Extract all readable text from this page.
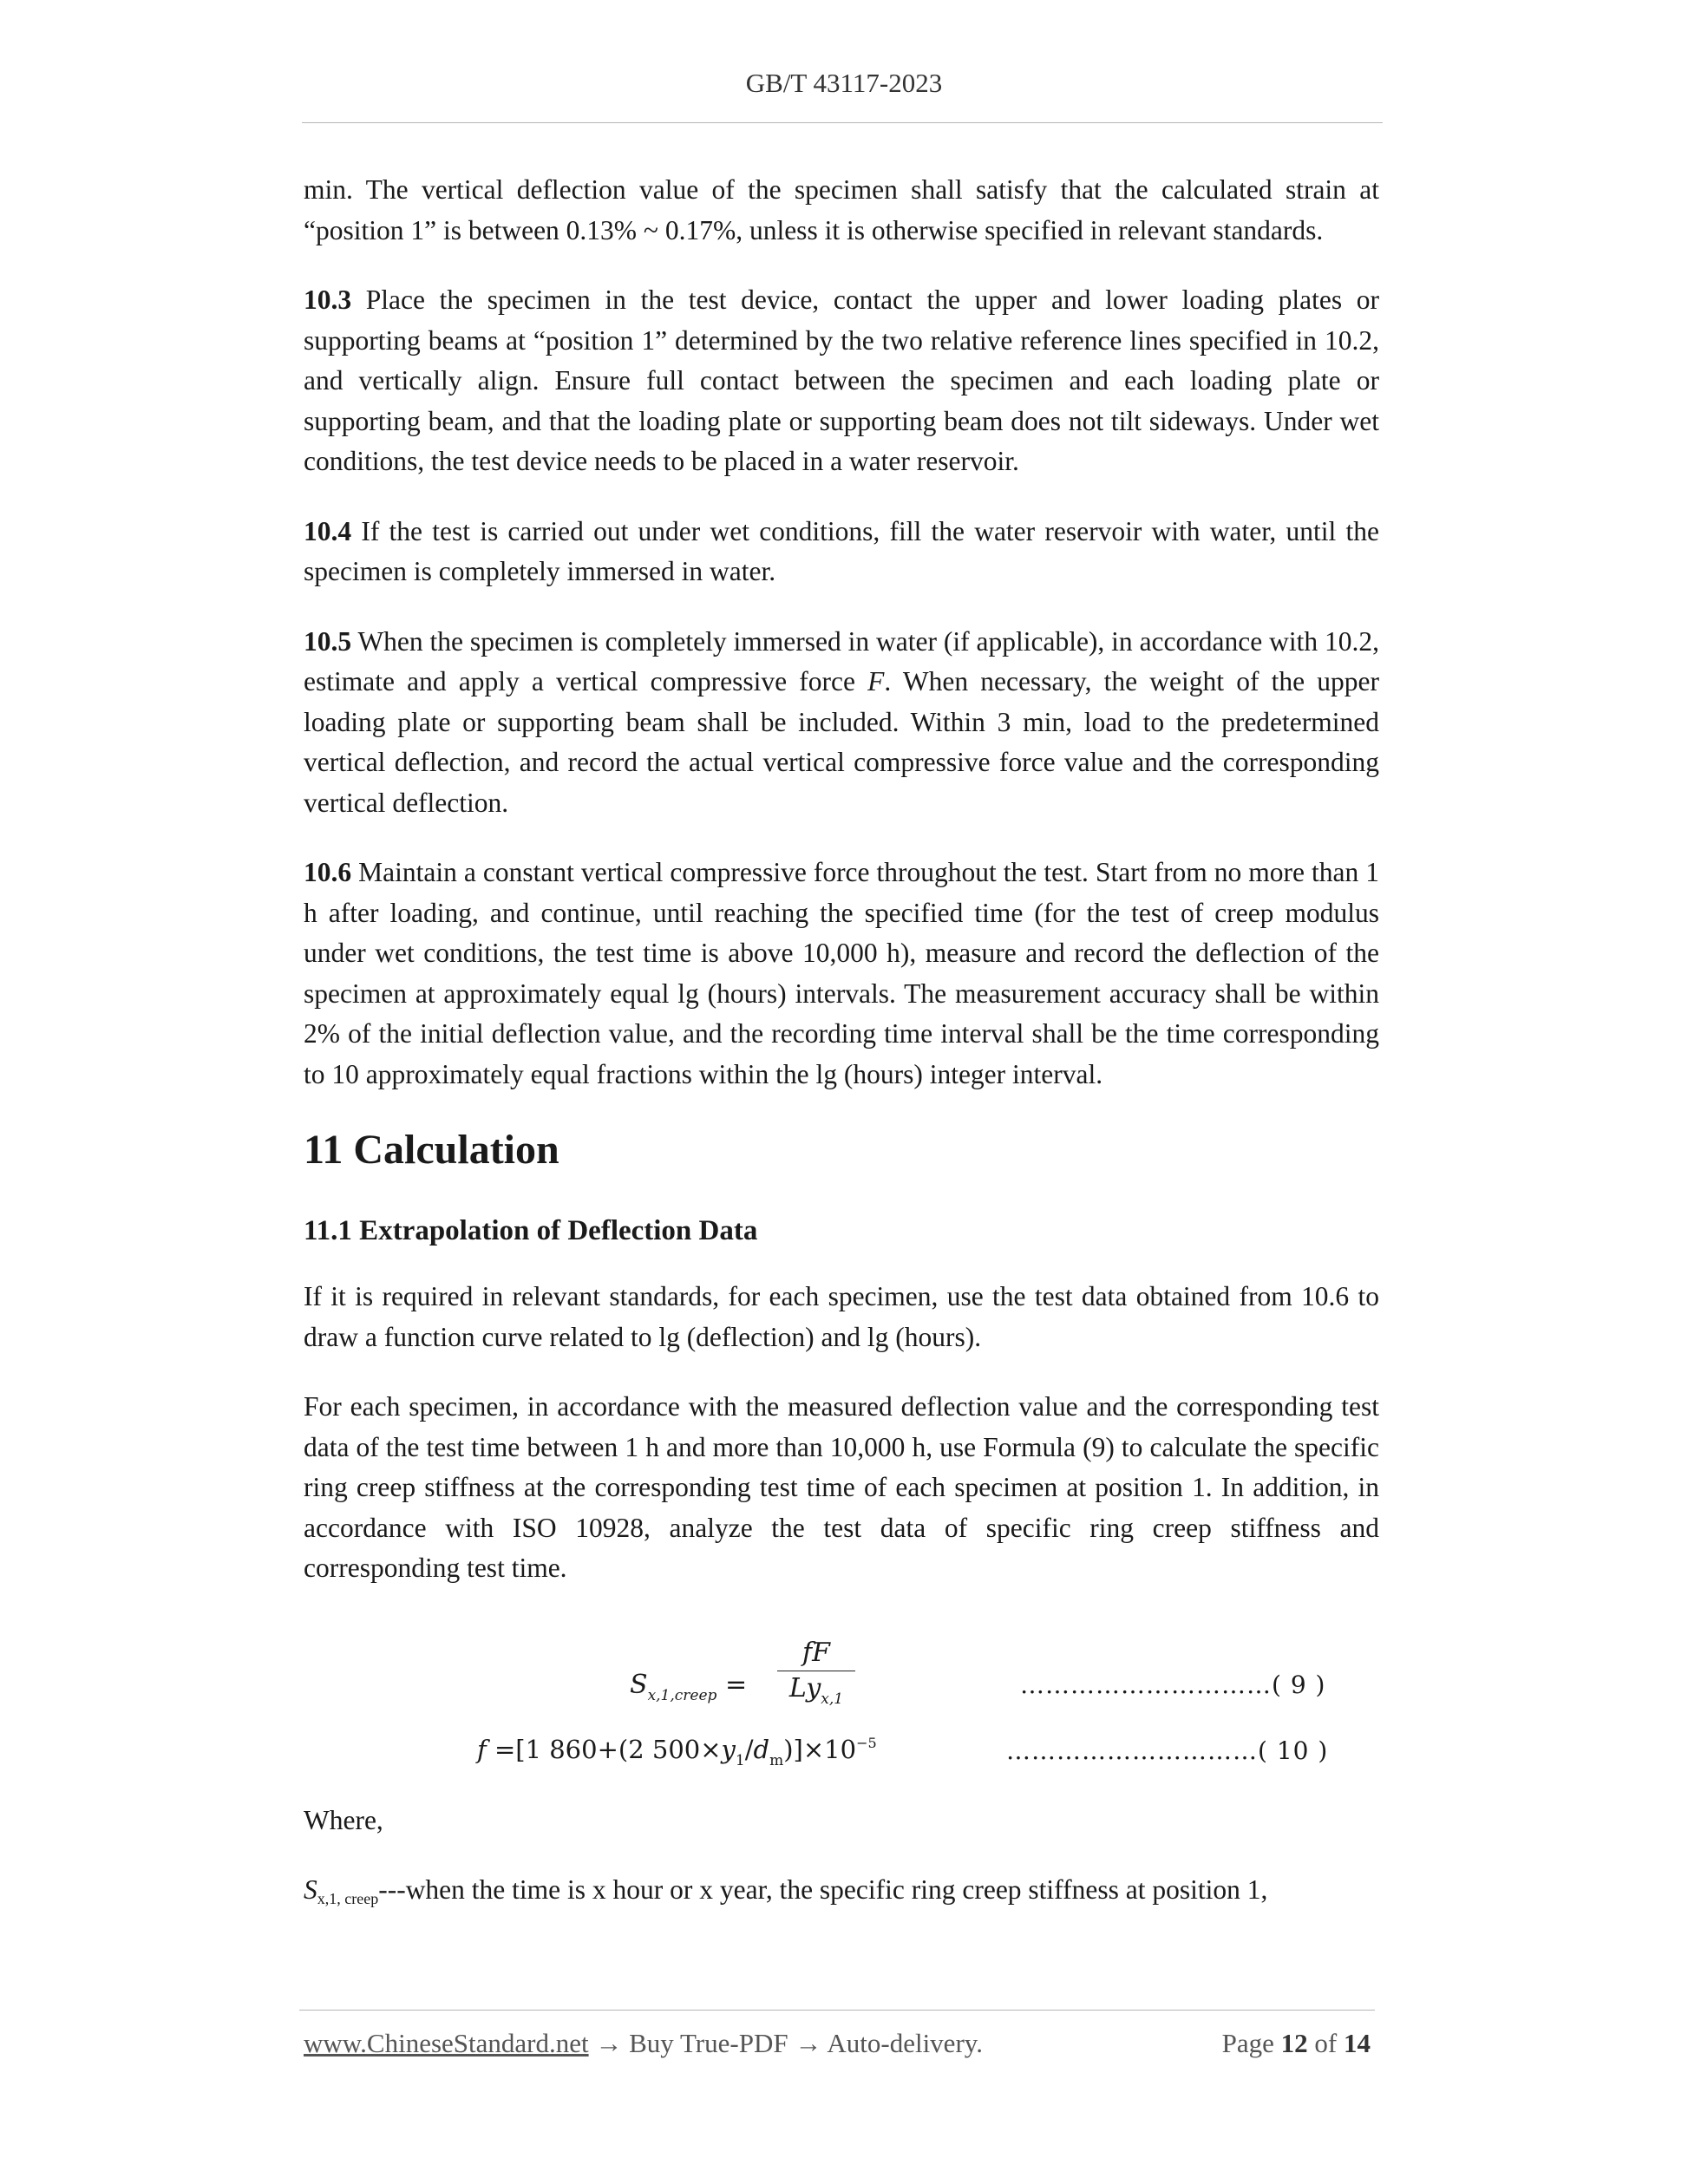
GB/T 43117-2023

min. The vertical deflection value of the specimen shall satisfy that the calculated strain at “position 1” is between 0.13% ~ 0.17%, unless it is otherwise specified in relevant standards.

10.3 Place the specimen in the test device, contact the upper and lower loading plates or supporting beams at “position 1” determined by the two relative reference lines specified in 10.2, and vertically align. Ensure full contact between the specimen and each loading plate or supporting beam, and that the loading plate or supporting beam does not tilt sideways. Under wet conditions, the test device needs to be placed in a water reservoir.

10.4 If the test is carried out under wet conditions, fill the water reservoir with water, until the specimen is completely immersed in water.

10.5 When the specimen is completely immersed in water (if applicable), in accordance with 10.2, estimate and apply a vertical compressive force F. When necessary, the weight of the upper loading plate or supporting beam shall be included. Within 3 min, load to the predetermined vertical deflection, and record the actual vertical compressive force value and the corresponding vertical deflection.

10.6 Maintain a constant vertical compressive force throughout the test. Start from no more than 1 h after loading, and continue, until reaching the specified time (for the test of creep modulus under wet conditions, the test time is above 10,000 h), measure and record the deflection of the specimen at approximately equal lg (hours) intervals. The measurement accuracy shall be within 2% of the initial deflection value, and the recording time interval shall be the time corresponding to 10 approximately equal fractions within the lg (hours) integer interval.

11 Calculation
11.1 Extrapolation of Deflection Data

If it is required in relevant standards, for each specimen, use the test data obtained from 10.6 to draw a function curve related to lg (deflection) and lg (hours).

For each specimen, in accordance with the measured deflection value and the corresponding test data of the test time between 1 h and more than 10,000 h, use Formula (9) to calculate the specific ring creep stiffness at the corresponding test time of each specimen at position 1. In addition, in accordance with ISO 10928, analyze the test data of specific ring creep stiffness and corresponding test time.

$S_{x,1,creep}$ =
fF
$Ly_{x,1}$	…………………………( 9 )
f =[1 860+(2 $500\times y_1/d_m)]\times 10^{-5}$	…………………………( 10 )

Where,

Sx,1, creep---when the time is x hour or x year, the specific ring creep stiffness at position 1,

www.ChineseStandard.net → Buy True-PDF → Auto-delivery.	Page 12 of 14
